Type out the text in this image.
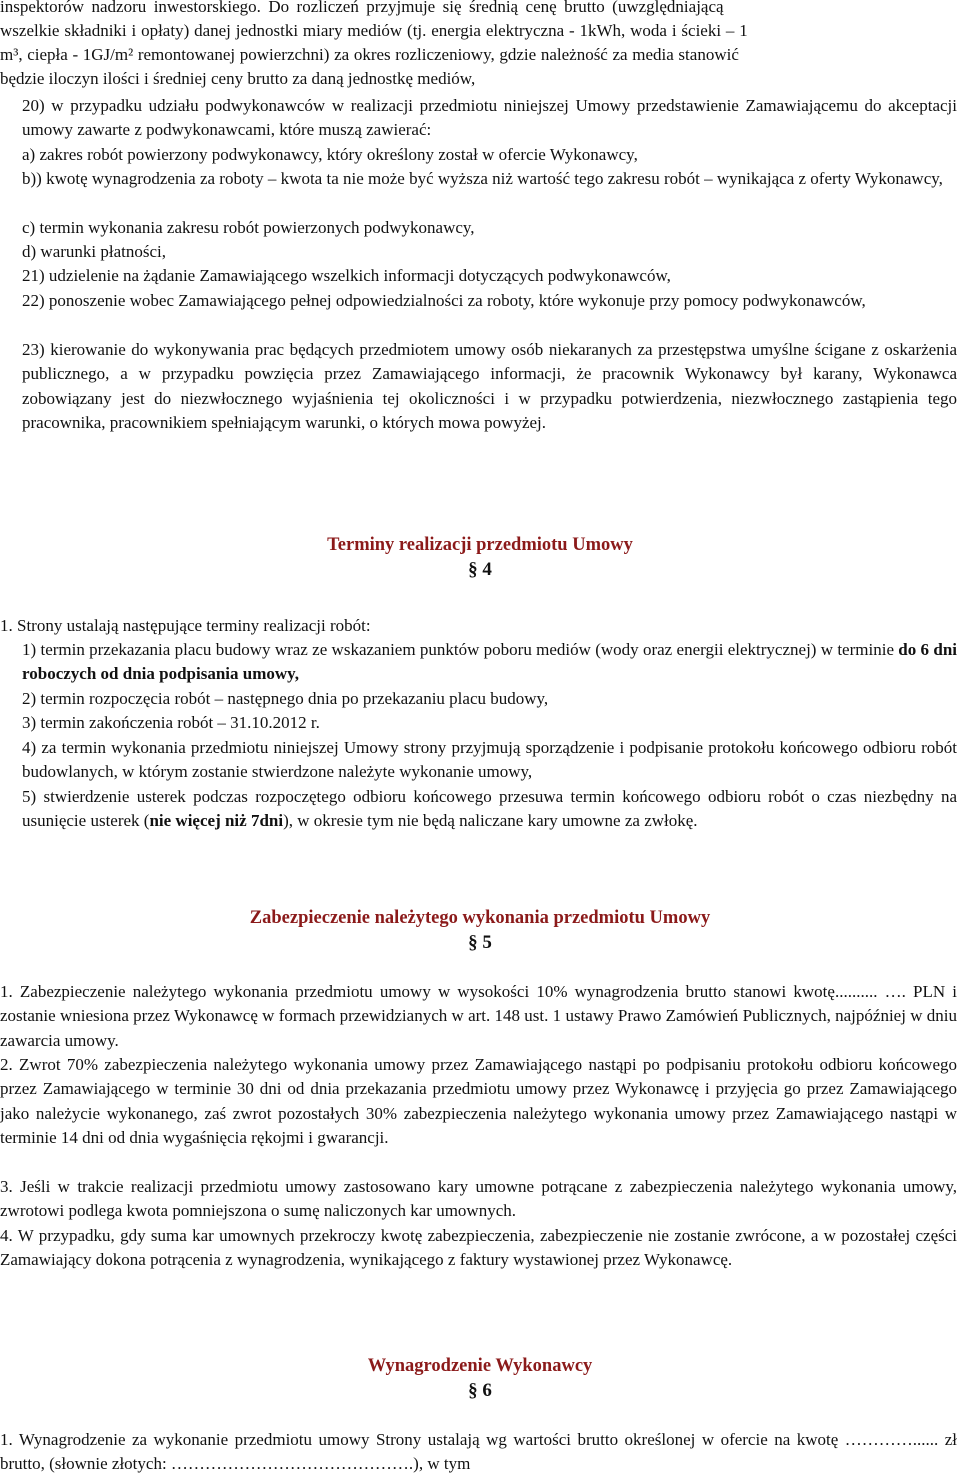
inspektorów nadzoru inwestorskiego. Do rozliczeń przyjmuje się średnią cenę brutto (uwzględniającą
wszelkie składniki i opłaty) danej jednostki miary mediów (tj. energia elektryczna - 1kWh, woda i ścieki – 1
m³, ciepła - 1GJ/m² remontowanej powierzchni) za okres rozliczeniowy, gdzie należność za media stanowić
będzie iloczyn ilości i średniej ceny brutto za daną jednostkę mediów,

20) w przypadku udziału podwykonawców w realizacji przedmiotu niniejszej Umowy przedstawienie Zamawiającemu do akceptacji umowy zawarte z podwykonawcami, które muszą zawierać:

a) zakres robót powierzony podwykonawcy, który określony został w ofercie Wykonawcy,

b)) kwotę wynagrodzenia za roboty – kwota ta nie może być wyższa niż wartość tego zakresu robót – wynikająca z oferty Wykonawcy,

c) termin wykonania zakresu robót powierzonych podwykonawcy,

d) warunki płatności,

21) udzielenie na żądanie Zamawiającego wszelkich informacji dotyczących podwykonawców,

22) ponoszenie wobec Zamawiającego pełnej odpowiedzialności za roboty, które wykonuje przy pomocy podwykonawców,

23) kierowanie do wykonywania prac będących przedmiotem umowy osób niekaranych za przestępstwa umyślne ścigane z oskarżenia publicznego, a w przypadku powzięcia przez Zamawiającego informacji, że pracownik Wykonawcy był karany, Wykonawca zobowiązany jest do niezwłocznego wyjaśnienia tej okoliczności i w przypadku potwierdzenia, niezwłocznego zastąpienia tego pracownika, pracownikiem spełniającym warunki, o których mowa powyżej.

Terminy realizacji przedmiotu Umowy
§ 4

1. Strony ustalają następujące terminy realizacji robót:

1) termin przekazania placu budowy wraz ze wskazaniem punktów poboru mediów (wody oraz energii elektrycznej) w terminie do 6 dni roboczych od dnia podpisania umowy,

2) termin rozpoczęcia robót – następnego dnia po przekazaniu placu budowy,

3) termin zakończenia robót – 31.10.2012 r.

4) za termin wykonania przedmiotu niniejszej Umowy strony przyjmują sporządzenie i podpisanie protokołu końcowego odbioru robót budowlanych, w którym zostanie stwierdzone należyte wykonanie umowy,

5) stwierdzenie usterek podczas rozpoczętego odbioru końcowego przesuwa termin końcowego odbioru robót o czas niezbędny na usunięcie usterek (nie więcej niż 7dni), w okresie tym nie będą naliczane kary umowne za zwłokę.

Zabezpieczenie należytego wykonania przedmiotu Umowy
§ 5

1. Zabezpieczenie należytego wykonania przedmiotu umowy w wysokości 10% wynagrodzenia brutto stanowi kwotę.......... …. PLN i zostanie wniesiona przez Wykonawcę w formach przewidzianych w art. 148 ust. 1 ustawy Prawo Zamówień Publicznych, najpóźniej w dniu zawarcia umowy.

2. Zwrot 70% zabezpieczenia należytego wykonania umowy przez Zamawiającego nastąpi po podpisaniu protokołu odbioru końcowego przez Zamawiającego w terminie 30 dni od dnia przekazania przedmiotu umowy przez Wykonawcę i przyjęcia go przez Zamawiającego jako należycie wykonanego, zaś zwrot pozostałych 30% zabezpieczenia należytego wykonania umowy przez Zamawiającego nastąpi w terminie 14 dni od dnia wygaśnięcia rękojmi i gwarancji.

3. Jeśli w trakcie realizacji przedmiotu umowy zastosowano kary umowne potrącane z zabezpieczenia należytego wykonania umowy, zwrotowi podlega kwota pomniejszona o sumę naliczonych kar umownych.

4. W przypadku, gdy suma kar umownych przekroczy kwotę zabezpieczenia, zabezpieczenie nie zostanie zwrócone, a w pozostałej części Zamawiający dokona potrącenia z wynagrodzenia, wynikającego z faktury wystawionej przez Wykonawcę.

Wynagrodzenie Wykonawcy
§ 6

1. Wynagrodzenie za wykonanie przedmiotu umowy Strony ustalają wg wartości brutto określonej w ofercie na kwotę …………...... zł brutto, (słownie złotych: …………………………………….), w tym
